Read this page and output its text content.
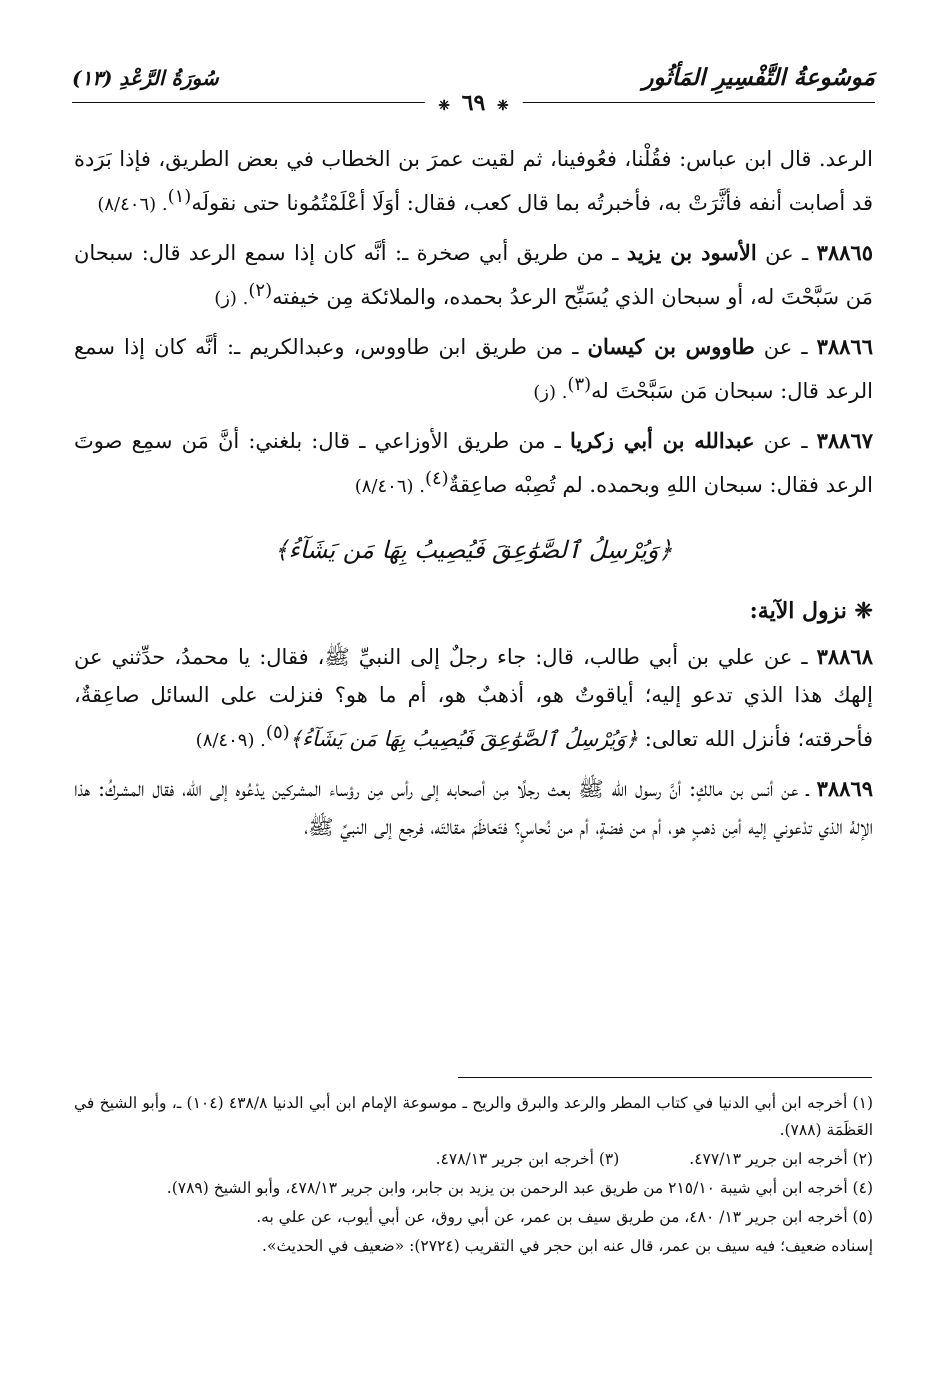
مَوسُوعةُ التَّفْسِيرِ المَأثُور
سُورَةُ الرَّعْدِ (١٣)
❈ ٦٩ ❈

الرعد. قال ابن عباس: فقُلْنا، فعُوفينا، ثم لقيت عمرَ بن الخطاب في بعض الطريق، فإذا بَرَدة قد أصابت أنفه فأثَّرَتْ به، فأخبرتُه بما قال كعب، فقال: أوَلَا أعْلَمْتُمُونا حتى نقولَه$^{(١)}$. (٨/٤٠٦)

٣٨٨٦٥ ـ عن الأسود بن يزيد ـ من طريق أبي صخرة ـ: أنَّه كان إذا سمع الرعد قال: سبحان مَن سَبَّحْتَ له، أو سبحان الذي يُسَبِّح الرعدُ بحمده، والملائكة مِن خيفته$^{(٢)}$. (ز)

٣٨٨٦٦ ـ عن طاووس بن كيسان ـ من طريق ابن طاووس، وعبدالكريم ـ: أنَّه كان إذا سمع الرعد قال: سبحان مَن سَبَّحْتَ له$^{(٣)}$. (ز)

٣٨٨٦٧ ـ عن عبدالله بن أبي زكريا ـ من طريق الأوزاعي ـ قال: بلغني: أنَّ مَن سمِع صوتَ الرعد فقال: سبحان اللهِ وبحمده. لم تُصِبْه صاعِقةٌ$^{(٤)}$. (٨/٤٠٦)

﴿وَيُرْسِلُ ٱلصَّوَٰعِقَ فَيُصِيبُ بِهَا مَن يَشَآءُ﴾
❈ نزول الآية:

٣٨٨٦٨ ـ عن علي بن أبي طالب، قال: جاء رجلٌ إلى النبيِّ ﷺ، فقال: يا محمدُ، حدِّثني عن إلهك هذا الذي تدعو إليه؛ أياقوتٌ هو، أذهبٌ هو، أم ما هو؟ فنزلت على السائل صاعِقةٌ، فأحرقته؛ فأنزل الله تعالى: ﴿وَيُرْسِلُ ٱلصَّوَٰعِقَ فَيُصِيبُ بِهَا مَن يَشَآءُ﴾$^{(٥)}$. (٨/٤٠٩)

٣٨٨٦٩ ـ عن أنس بن مالكٍ: أنَّ رسول الله ﷺ بعث رجلًا مِن أصحابه إلى رأس مِن رؤساء المشركين يدْعُوه إلى الله، فقال المشركُ: هذا الإلهُ الذي تدْعوني إليه أمِن ذهبٍ هو، أم من فضةٍ، أم من نُحاسٍ؟ فتَعاظَمَ مقالتَه، فرجع إلى النبيِّ ﷺ،

(١) أخرجه ابن أبي الدنيا في كتاب المطر والرعد والبرق والريح ـ موسوعة الإمام ابن أبي الدنيا ٤٣٨/٨ (١٠٤) ـ، وأبو الشيخ في العَظَمَة (٧٨٨).

(٢) أخرجه ابن جرير ٤٧٧/١٣.
(٣) أخرجه ابن جرير ٤٧٨/١٣.

(٤) أخرجه ابن أبي شيبة ٢١٥/١٠ من طريق عبد الرحمن بن يزيد بن جابر، وابن جرير ٤٧٨/١٣، وأبو الشيخ (٧٨٩).

(٥) أخرجه ابن جرير ١٣/ ٤٨٠، من طريق سيف بن عمر، عن أبي روق، عن أبي أيوب، عن علي به.

إسناده ضعيف؛ فيه سيف بن عمر، قال عنه ابن حجر في التقريب (٢٧٢٤): «ضعيف في الحديث».
